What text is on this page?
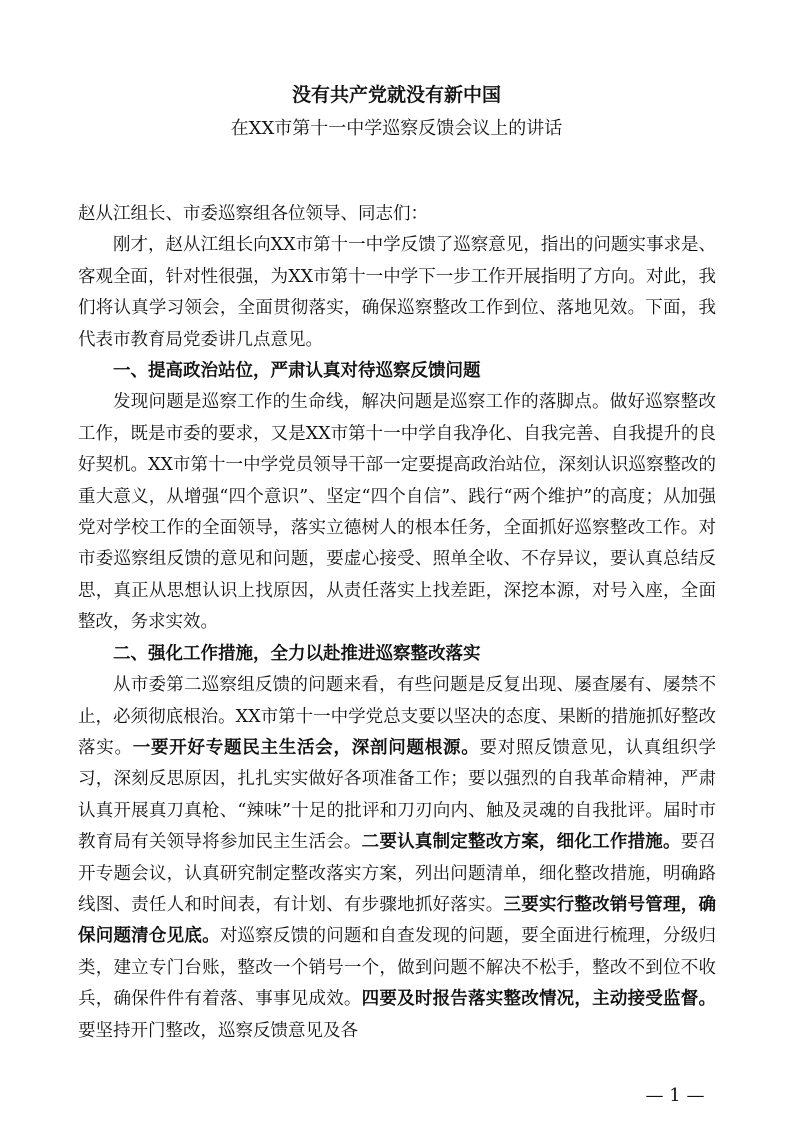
没有共产党就没有新中国
在XX市第十一中学巡察反馈会议上的讲话

赵从江组长、市委巡察组各位领导、同志们：

刚才，赵从江组长向XX市第十一中学反馈了巡察意见，指出的问题实事求是、客观全面，针对性很强，为XX市第十一中学下一步工作开展指明了方向。对此，我们将认真学习领会，全面贯彻落实，确保巡察整改工作到位、落地见效。下面，我代表市教育局党委讲几点意见。

一、提高政治站位，严肃认真对待巡察反馈问题

发现问题是巡察工作的生命线，解决问题是巡察工作的落脚点。做好巡察整改工作，既是市委的要求，又是XX市第十一中学自我净化、自我完善、自我提升的良好契机。XX市第十一中学党员领导干部一定要提高政治站位，深刻认识巡察整改的重大意义，从增强“四个意识”、坚定“四个自信”、践行“两个维护”的高度；从加强党对学校工作的全面领导，落实立德树人的根本任务，全面抓好巡察整改工作。对市委巡察组反馈的意见和问题，要虚心接受、照单全收、不存异议，要认真总结反思，真正从思想认识上找原因，从责任落实上找差距，深挖本源，对号入座，全面整改，务求实效。

二、强化工作措施，全力以赴推进巡察整改落实

从市委第二巡察组反馈的问题来看，有些问题是反复出现、屡查屡有、屡禁不止，必须彻底根治。XX市第十一中学党总支要以坚决的态度、果断的措施抓好整改落实。一要开好专题民主生活会，深剖问题根源。要对照反馈意见，认真组织学习，深刻反思原因，扎扎实实做好各项准备工作；要以强烈的自我革命精神，严肃认真开展真刀真枪、“辣味”十足的批评和刀刃向内、触及灵魂的自我批评。届时市教育局有关领导将参加民主生活会。二要认真制定整改方案，细化工作措施。要召开专题会议，认真研究制定整改落实方案，列出问题清单，细化整改措施，明确路线图、责任人和时间表，有计划、有步骤地抓好落实。三要实行整改销号管理，确保问题清仓见底。对巡察反馈的问题和自查发现的问题，要全面进行梳理，分级归类，建立专门台账，整改一个销号一个，做到问题不解决不松手，整改不到位不收兵，确保件件有着落、事事见成效。四要及时报告落实整改情况，主动接受监督。要坚持开门整改，巡察反馈意见及各

— 1 —
